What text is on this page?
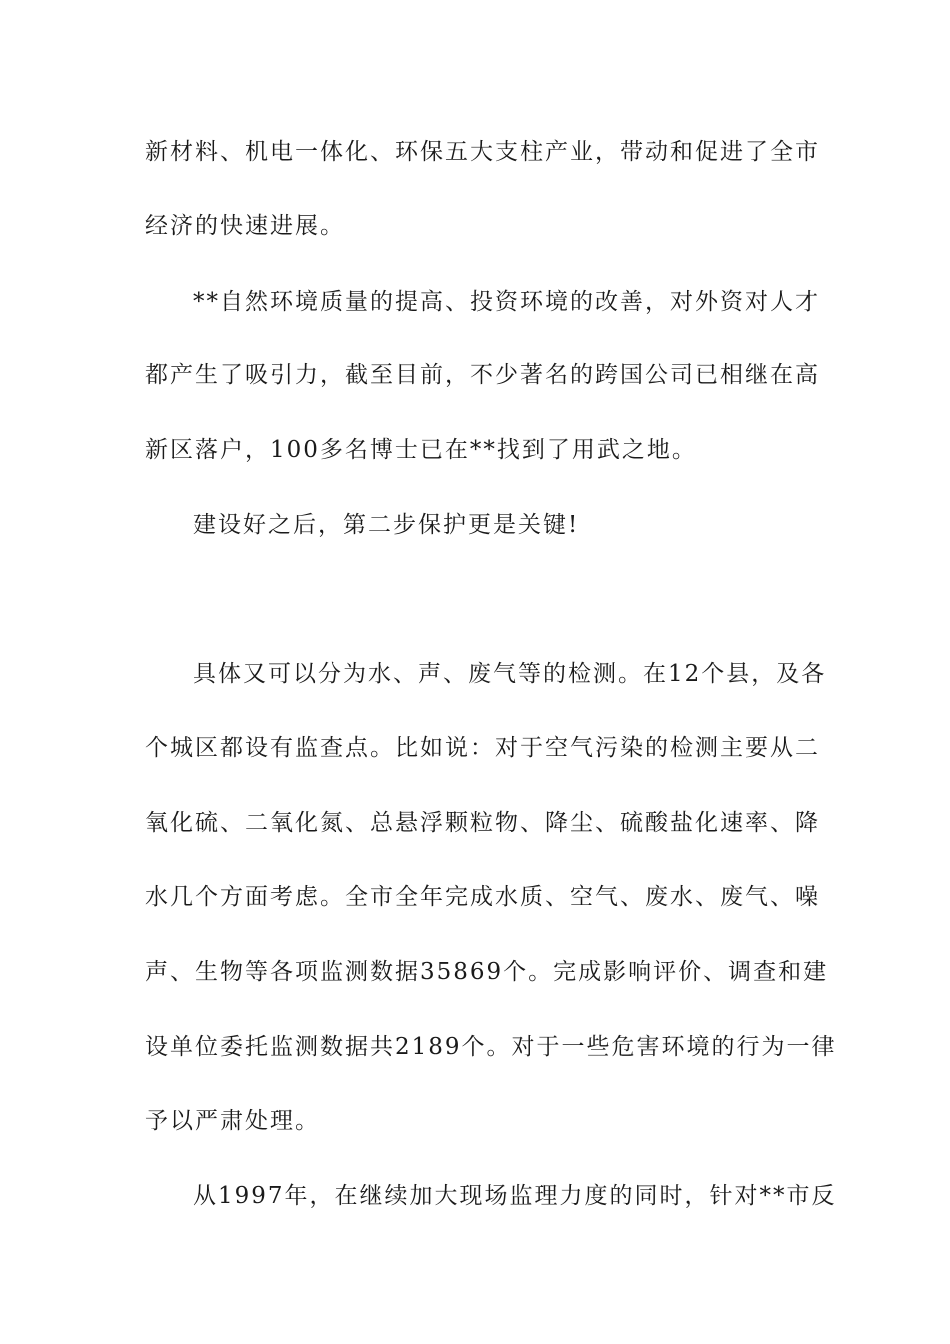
新材料、机电一体化、环保五大支柱产业，带动和促进了全市
经济的快速进展。
**自然环境质量的提高、投资环境的改善，对外资对人才
都产生了吸引力，截至目前，不少著名的跨国公司已相继在高
新区落户，100多名博士已在**找到了用武之地。
建设好之后，第二步保护更是关键!
具体又可以分为水、声、废气等的检测。在12个县，及各
个城区都设有监查点。比如说：对于空气污染的检测主要从二
氧化硫、二氧化氮、总悬浮颗粒物、降尘、硫酸盐化速率、降
水几个方面考虑。全市全年完成水质、空气、废水、废气、噪
声、生物等各项监测数据35869个。完成影响评价、调查和建
设单位委托监测数据共2189个。对于一些危害环境的行为一律
予以严肃处理。
从1997年，在继续加大现场监理力度的同时，针对**市反
